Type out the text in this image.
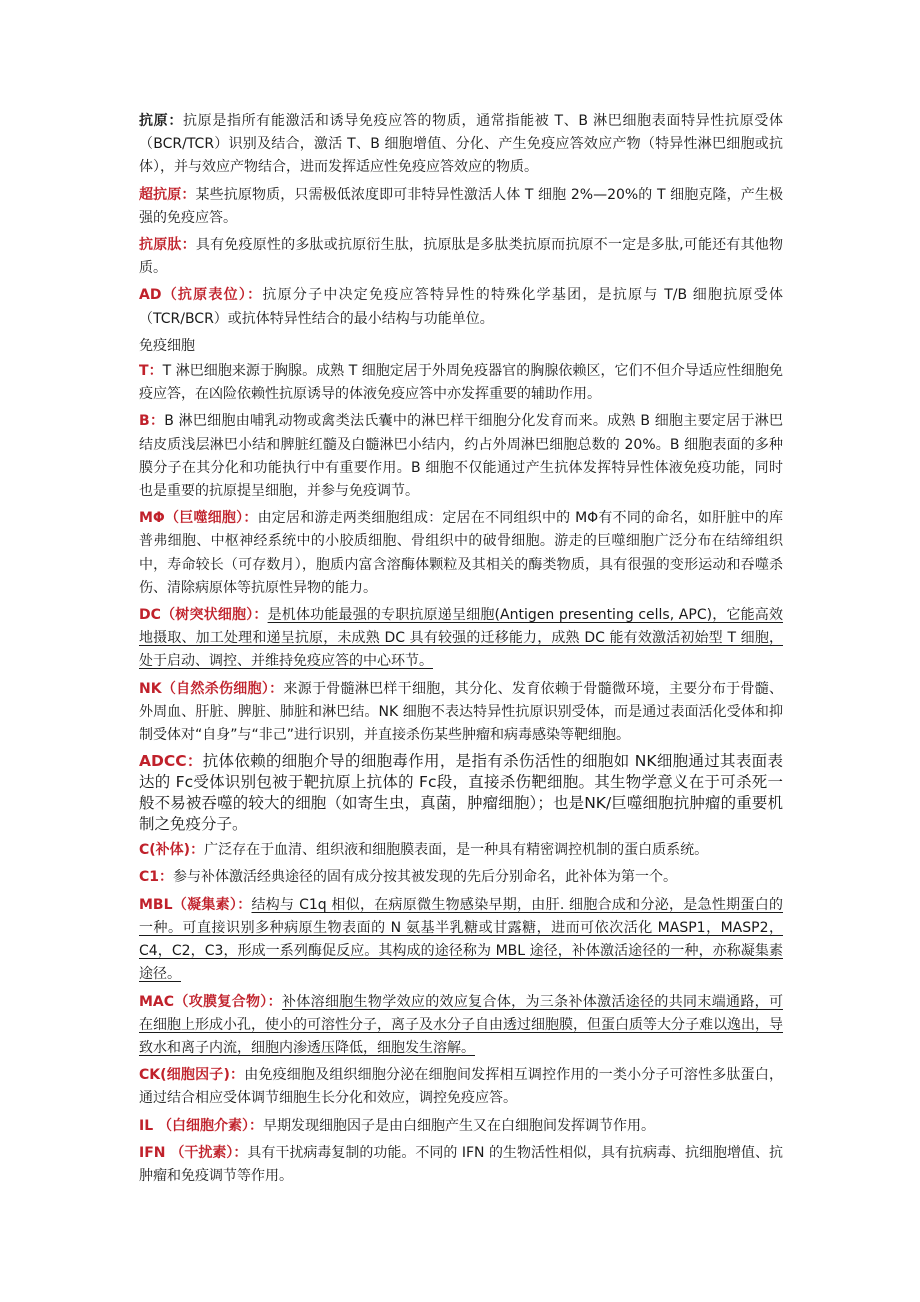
抗原：抗原是指所有能激活和诱导免疫应答的物质，通常指能被 T、B 淋巴细胞表面特异性抗原受体（BCR/TCR）识别及结合，激活 T、B 细胞增值、分化、产生免疫应答效应产物（特异性淋巴细胞或抗体），并与效应产物结合，进而发挥适应性免疫应答效应的物质。

超抗原：某些抗原物质，只需极低浓度即可非特异性激活人体 T 细胞 2%—20%的 T 细胞克隆，产生极强的免疫应答。

抗原肽：具有免疫原性的多肽或抗原衍生肽，抗原肽是多肽类抗原而抗原不一定是多肽,可能还有其他物质。

AD（抗原表位）：抗原分子中决定免疫应答特异性的特殊化学基团，是抗原与 T/B 细胞抗原受体（TCR/BCR）或抗体特异性结合的最小结构与功能单位。

免疫细胞

T：T 淋巴细胞来源于胸腺。成熟 T 细胞定居于外周免疫器官的胸腺依赖区，它们不但介导适应性细胞免疫应答，在凶险依赖性抗原诱导的体液免疫应答中亦发挥重要的辅助作用。

B：B 淋巴细胞由哺乳动物或禽类法氏囊中的淋巴样干细胞分化发育而来。成熟 B 细胞主要定居于淋巴结皮质浅层淋巴小结和脾脏红髓及白髓淋巴小结内，约占外周淋巴细胞总数的 20%。B 细胞表面的多种膜分子在其分化和功能执行中有重要作用。B 细胞不仅能通过产生抗体发挥特异性体液免疫功能，同时也是重要的抗原提呈细胞，并参与免疫调节。

MΦ（巨噬细胞）：由定居和游走两类细胞组成：定居在不同组织中的 MΦ有不同的命名，如肝脏中的库普弗细胞、中枢神经系统中的小胶质细胞、骨组织中的破骨细胞。游走的巨噬细胞广泛分布在结缔组织中，寿命较长（可存数月），胞质内富含溶酶体颗粒及其相关的酶类物质，具有很强的变形运动和吞噬杀伤、清除病原体等抗原性异物的能力。

DC（树突状细胞）：是机体功能最强的专职抗原递呈细胞(Antigen presenting cells, APC)，它能高效地摄取、加工处理和递呈抗原，未成熟 DC 具有较强的迁移能力，成熟 DC 能有效激活初始型 T 细胞，处于启动、调控、并维持免疫应答的中心环节。

NK（自然杀伤细胞）：来源于骨髓淋巴样干细胞，其分化、发育依赖于骨髓微环境，主要分布于骨髓、外周血、肝脏、脾脏、肺脏和淋巴结。NK 细胞不表达特异性抗原识别受体，而是通过表面活化受体和抑制受体对“自身”与“非己”进行识别，并直接杀伤某些肿瘤和病毒感染等靶细胞。

ADCC：抗体依赖的细胞介导的细胞毒作用，是指有杀伤活性的细胞如 NK细胞通过其表面表达的 Fc受体识别包被于靶抗原上抗体的 Fc段，直接杀伤靶细胞。其生物学意义在于可杀死一般不易被吞噬的较大的细胞（如寄生虫，真菌，肿瘤细胞）；也是NK/巨噬细胞抗肿瘤的重要机制之免疫分子。

C(补体)：广泛存在于血清、组织液和细胞膜表面，是一种具有精密调控机制的蛋白质系统。

C1：参与补体激活经典途径的固有成分按其被发现的先后分别命名，此补体为第一个。

MBL（凝集素）：结构与 C1q 相似，在病原微生物感染早期，由肝. 细胞合成和分泌，是急性期蛋白的一种。可直接识别多种病原生物表面的 N 氨基半乳糖或甘露糖，进而可依次活化 MASP1，MASP2，C4，C2，C3，形成一系列酶促反应。其构成的途径称为 MBL 途径，补体激活途径的一种，亦称凝集素途径。

MAC（攻膜复合物）：补体溶细胞生物学效应的效应复合体，为三条补体激活途径的共同末端通路，可在细胞上形成小孔，使小的可溶性分子，离子及水分子自由透过细胞膜，但蛋白质等大分子难以逸出，导致水和离子内流，细胞内渗透压降低，细胞发生溶解。

CK(细胞因子)：由免疫细胞及组织细胞分泌在细胞间发挥相互调控作用的一类小分子可溶性多肽蛋白，通过结合相应受体调节细胞生长分化和效应，调控免疫应答。

IL （白细胞介素）：早期发现细胞因子是由白细胞产生又在白细胞间发挥调节作用。

IFN （干扰素）：具有干扰病毒复制的功能。不同的 IFN 的生物活性相似，具有抗病毒、抗细胞增值、抗肿瘤和免疫调节等作用。
